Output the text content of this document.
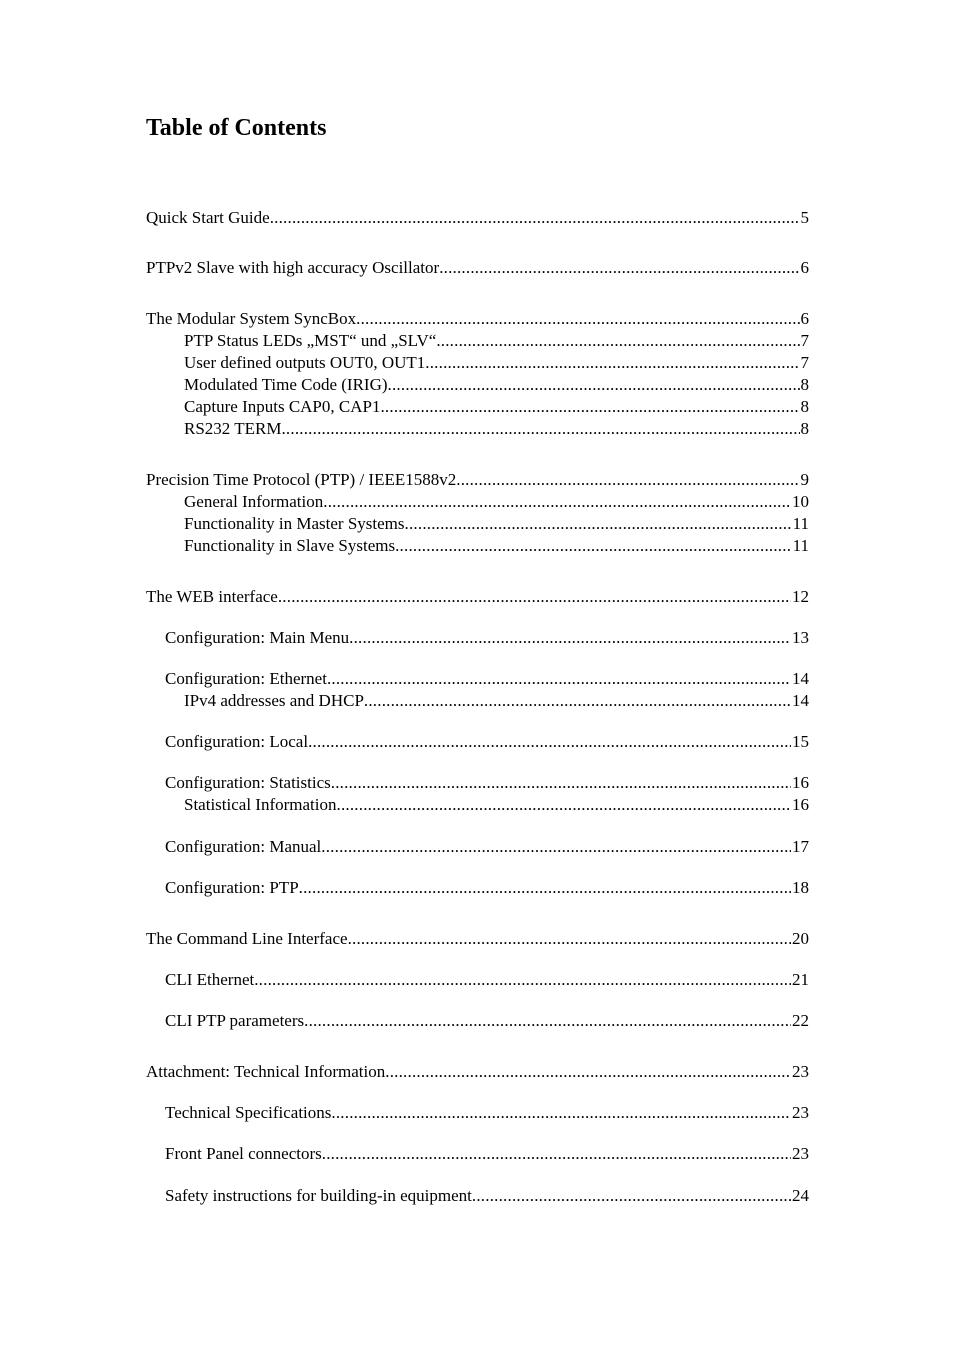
Table of Contents
Quick Start Guide .....	5
PTPv2 Slave with high accuracy Oscillator .....	6
The Modular System SyncBox .....	6
PTP Status LEDs „MST“ und „SLV“ .....	7
User defined outputs OUT0, OUT1 .....	7
Modulated Time Code (IRIG) .....	8
Capture Inputs CAP0, CAP1 .....	8
RS232 TERM .....	8
Precision Time Protocol (PTP) / IEEE1588v2 .....	9
General Information .....	10
Functionality in Master Systems .....	11
Functionality in Slave Systems .....	11
The WEB interface .....	12
Configuration: Main Menu .....	13
Configuration: Ethernet .....	14
IPv4 addresses and DHCP .....	14
Configuration: Local .....	15
Configuration: Statistics .....	16
Statistical Information .....	16
Configuration: Manual .....	17
Configuration: PTP .....	18
The Command Line Interface .....	20
CLI Ethernet .....	21
CLI PTP parameters .....	22
Attachment: Technical Information .....	23
Technical Specifications .....	23
Front Panel connectors .....	23
Safety instructions for building-in equipment .....	24
